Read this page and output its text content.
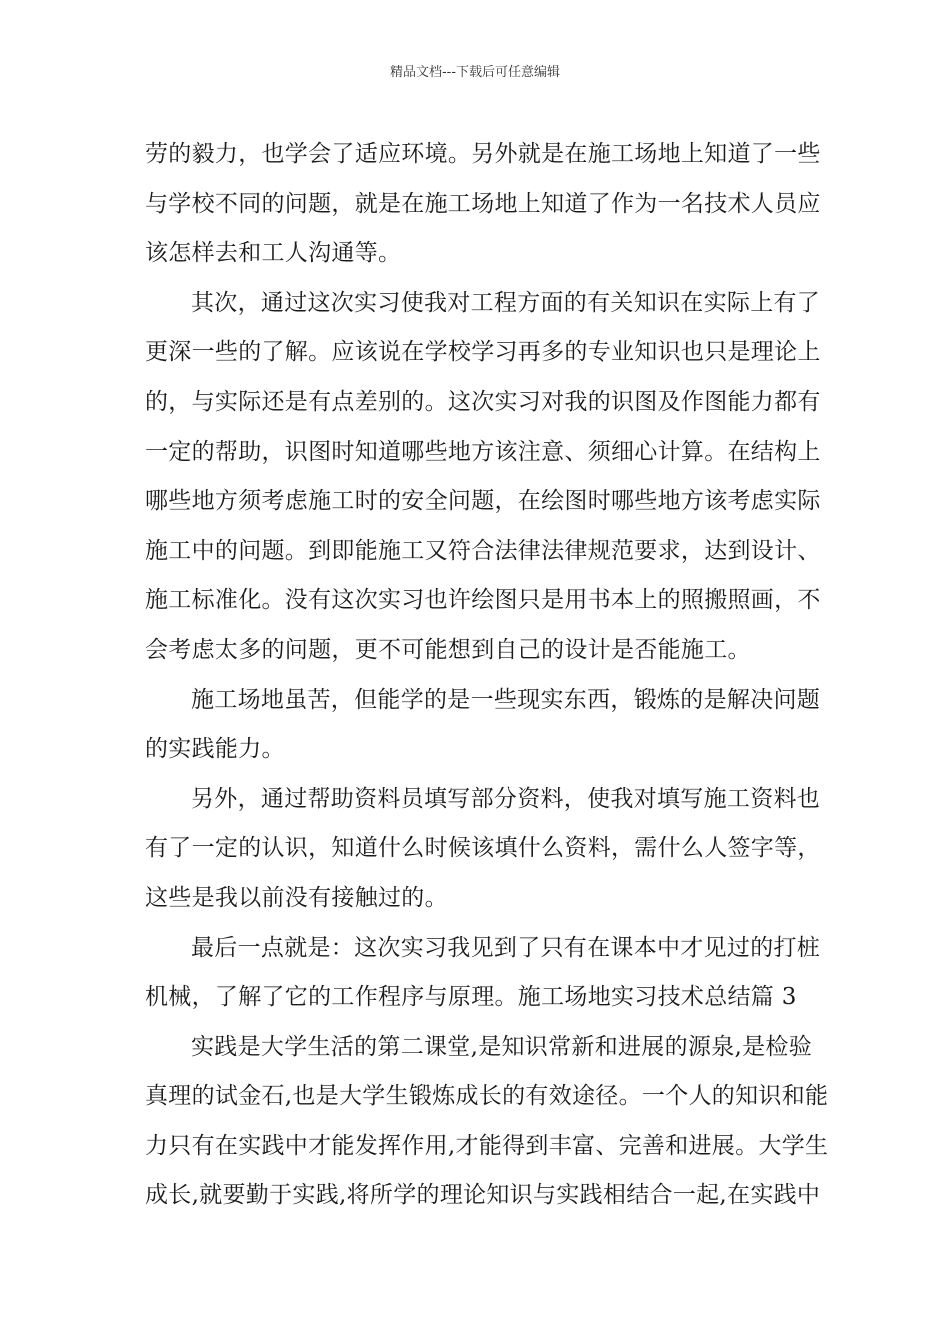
精品文档---下载后可任意编辑
劳的毅力，也学会了适应环境。另外就是在施工场地上知道了一些
与学校不同的问题，就是在施工场地上知道了作为一名技术人员应
该怎样去和工人沟通等。
其次，通过这次实习使我对工程方面的有关知识在实际上有了
更深一些的了解。应该说在学校学习再多的专业知识也只是理论上
的，与实际还是有点差别的。这次实习对我的识图及作图能力都有
一定的帮助，识图时知道哪些地方该注意、须细心计算。在结构上
哪些地方须考虑施工时的安全问题，在绘图时哪些地方该考虑实际
施工中的问题。到即能施工又符合法律法律规范要求，达到设计、
施工标准化。没有这次实习也许绘图只是用书本上的照搬照画，不
会考虑太多的问题，更不可能想到自己的设计是否能施工。
施工场地虽苦，但能学的是一些现实东西，锻炼的是解决问题
的实践能力。
另外，通过帮助资料员填写部分资料，使我对填写施工资料也
有了一定的认识，知道什么时候该填什么资料，需什么人签字等，
这些是我以前没有接触过的。
最后一点就是：这次实习我见到了只有在课本中才见过的打桩
机械，了解了它的工作程序与原理。施工场地实习技术总结篇 3
实践是大学生活的第二课堂,是知识常新和进展的源泉,是检验
真理的试金石,也是大学生锻炼成长的有效途径。一个人的知识和能
力只有在实践中才能发挥作用,才能得到丰富、完善和进展。大学生
成长,就要勤于实践,将所学的理论知识与实践相结合一起,在实践中
